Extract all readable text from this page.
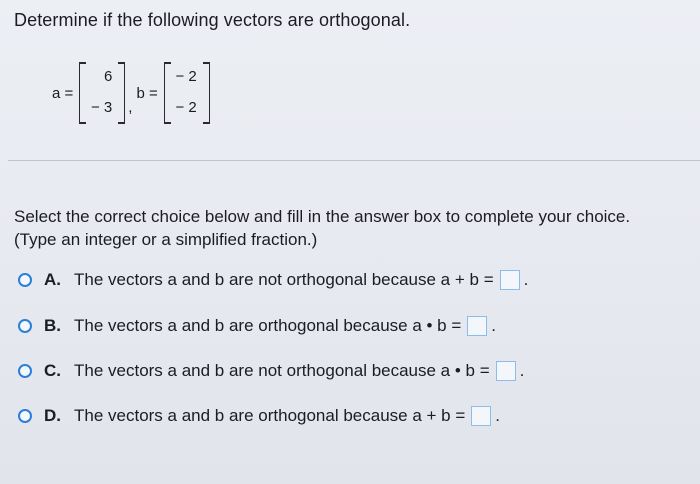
Determine if the following vectors are orthogonal.
a =
6
− 3 ,
b =
− 2
− 2
Select the correct choice below and fill in the answer box to complete your choice.
(Type an integer or a simplified fraction.)
A. The vectors a and b are not orthogonal because a + b = .
B. The vectors a and b are orthogonal because a • b = .
C. The vectors a and b are not orthogonal because a • b = .
D. The vectors a and b are orthogonal because a + b = .
